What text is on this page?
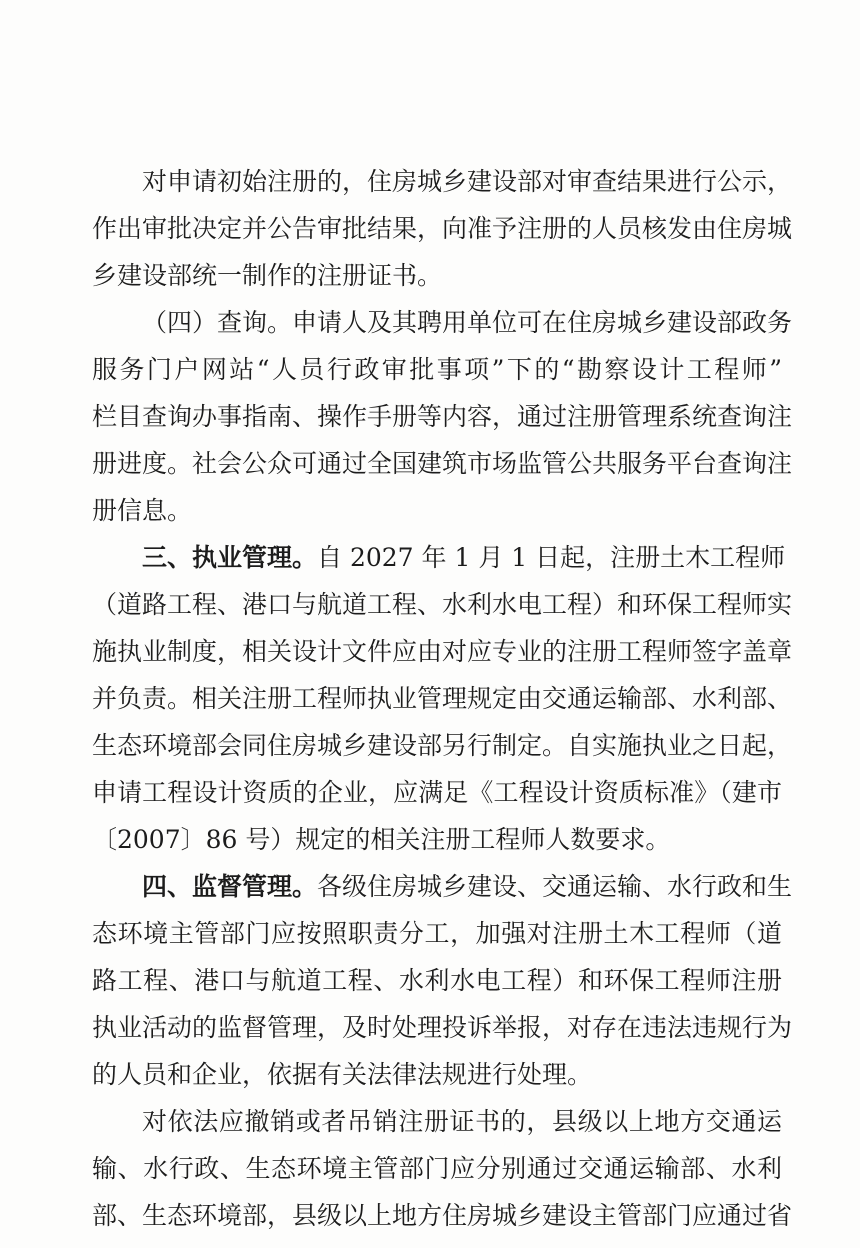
对申请初始注册的，住房城乡建设部对审查结果进行公示，
作出审批决定并公告审批结果，向准予注册的人员核发由住房城
乡建设部统一制作的注册证书。
（四）查询。申请人及其聘用单位可在住房城乡建设部政务
服务门户网站“人员行政审批事项”下的“勘察设计工程师”
栏目查询办事指南、操作手册等内容，通过注册管理系统查询注
册进度。社会公众可通过全国建筑市场监管公共服务平台查询注
册信息。
三、执业管理。自 2027 年 1 月 1 日起，注册土木工程师
（道路工程、港口与航道工程、水利水电工程）和环保工程师实
施执业制度，相关设计文件应由对应专业的注册工程师签字盖章
并负责。相关注册工程师执业管理规定由交通运输部、水利部、
生态环境部会同住房城乡建设部另行制定。自实施执业之日起，
申请工程设计资质的企业，应满足《工程设计资质标准》（建市
〔2007〕86 号）规定的相关注册工程师人数要求。
四、监督管理。各级住房城乡建设、交通运输、水行政和生
态环境主管部门应按照职责分工，加强对注册土木工程师（道
路工程、港口与航道工程、水利水电工程）和环保工程师注册
执业活动的监督管理，及时处理投诉举报，对存在违法违规行为
的人员和企业，依据有关法律法规进行处理。
对依法应撤销或者吊销注册证书的，县级以上地方交通运
输、水行政、生态环境主管部门应分别通过交通运输部、水利
部、生态环境部，县级以上地方住房城乡建设主管部门应通过省
